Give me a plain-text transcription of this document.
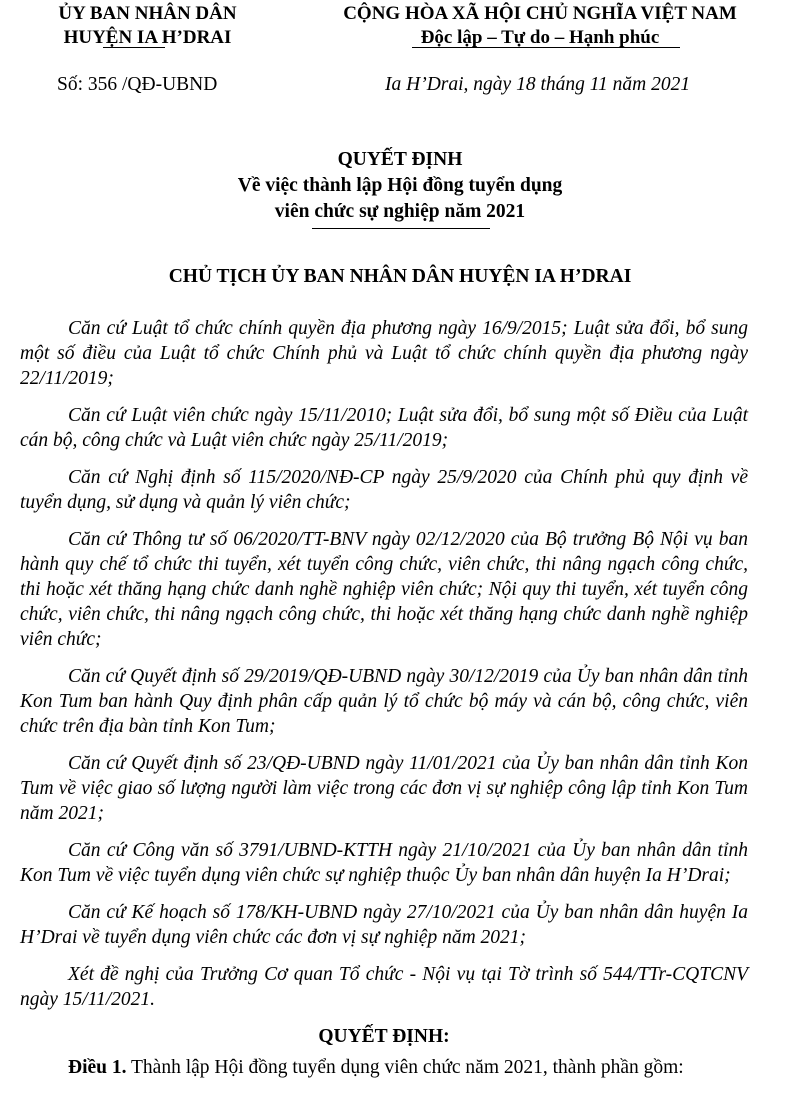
ỦY BAN NHÂN DÂN
HUYỆN IA H’DRAI
CỘNG HÒA XÃ HỘI CHỦ NGHĨA VIỆT NAM
Độc lập – Tự do – Hạnh phúc
Số: 356 /QĐ-UBND	Ia H’Drai, ngày 18 tháng 11 năm 2021
QUYẾT ĐỊNH
Về việc thành lập Hội đồng tuyển dụng
viên chức sự nghiệp năm 2021
CHỦ TỊCH ỦY BAN NHÂN DÂN HUYỆN IA H’DRAI

Căn cứ Luật tổ chức chính quyền địa phương ngày 16/9/2015; Luật sửa đổi, bổ sung một số điều của Luật tổ chức Chính phủ và Luật tổ chức chính quyền địa phương ngày 22/11/2019;

Căn cứ Luật viên chức ngày 15/11/2010; Luật sửa đổi, bổ sung một số Điều của Luật cán bộ, công chức và Luật viên chức ngày 25/11/2019;

Căn cứ Nghị định số 115/2020/NĐ-CP ngày 25/9/2020 của Chính phủ quy định về tuyển dụng, sử dụng và quản lý viên chức;

Căn cứ Thông tư số 06/2020/TT-BNV ngày 02/12/2020 của Bộ trưởng Bộ Nội vụ ban hành quy chế tổ chức thi tuyển, xét tuyển công chức, viên chức, thi nâng ngạch công chức, thi hoặc xét thăng hạng chức danh nghề nghiệp viên chức; Nội quy thi tuyển, xét tuyển công chức, viên chức, thi nâng ngạch công chức, thi hoặc xét thăng hạng chức danh nghề nghiệp viên chức;

Căn cứ Quyết định số 29/2019/QĐ-UBND ngày 30/12/2019 của Ủy ban nhân dân tỉnh Kon Tum ban hành Quy định phân cấp quản lý tổ chức bộ máy và cán bộ, công chức, viên chức trên địa bàn tỉnh Kon Tum;

Căn cứ Quyết định số 23/QĐ-UBND ngày 11/01/2021 của Ủy ban nhân dân tỉnh Kon Tum về việc giao số lượng người làm việc trong các đơn vị sự nghiệp công lập tỉnh Kon Tum năm 2021;

Căn cứ Công văn số 3791/UBND-KTTH ngày 21/10/2021 của Ủy ban nhân dân tỉnh Kon Tum về việc tuyển dụng viên chức sự nghiệp thuộc Ủy ban nhân dân huyện Ia H’Drai;

Căn cứ Kế hoạch số 178/KH-UBND ngày 27/10/2021 của Ủy ban nhân dân huyện Ia H’Drai về tuyển dụng viên chức các đơn vị sự nghiệp năm 2021;

Xét đề nghị của Trưởng Cơ quan Tổ chức - Nội vụ tại Tờ trình số 544/TTr-CQTCNV ngày 15/11/2021.

QUYẾT ĐỊNH:

Điều 1. Thành lập Hội đồng tuyển dụng viên chức năm 2021, thành phần gồm:
